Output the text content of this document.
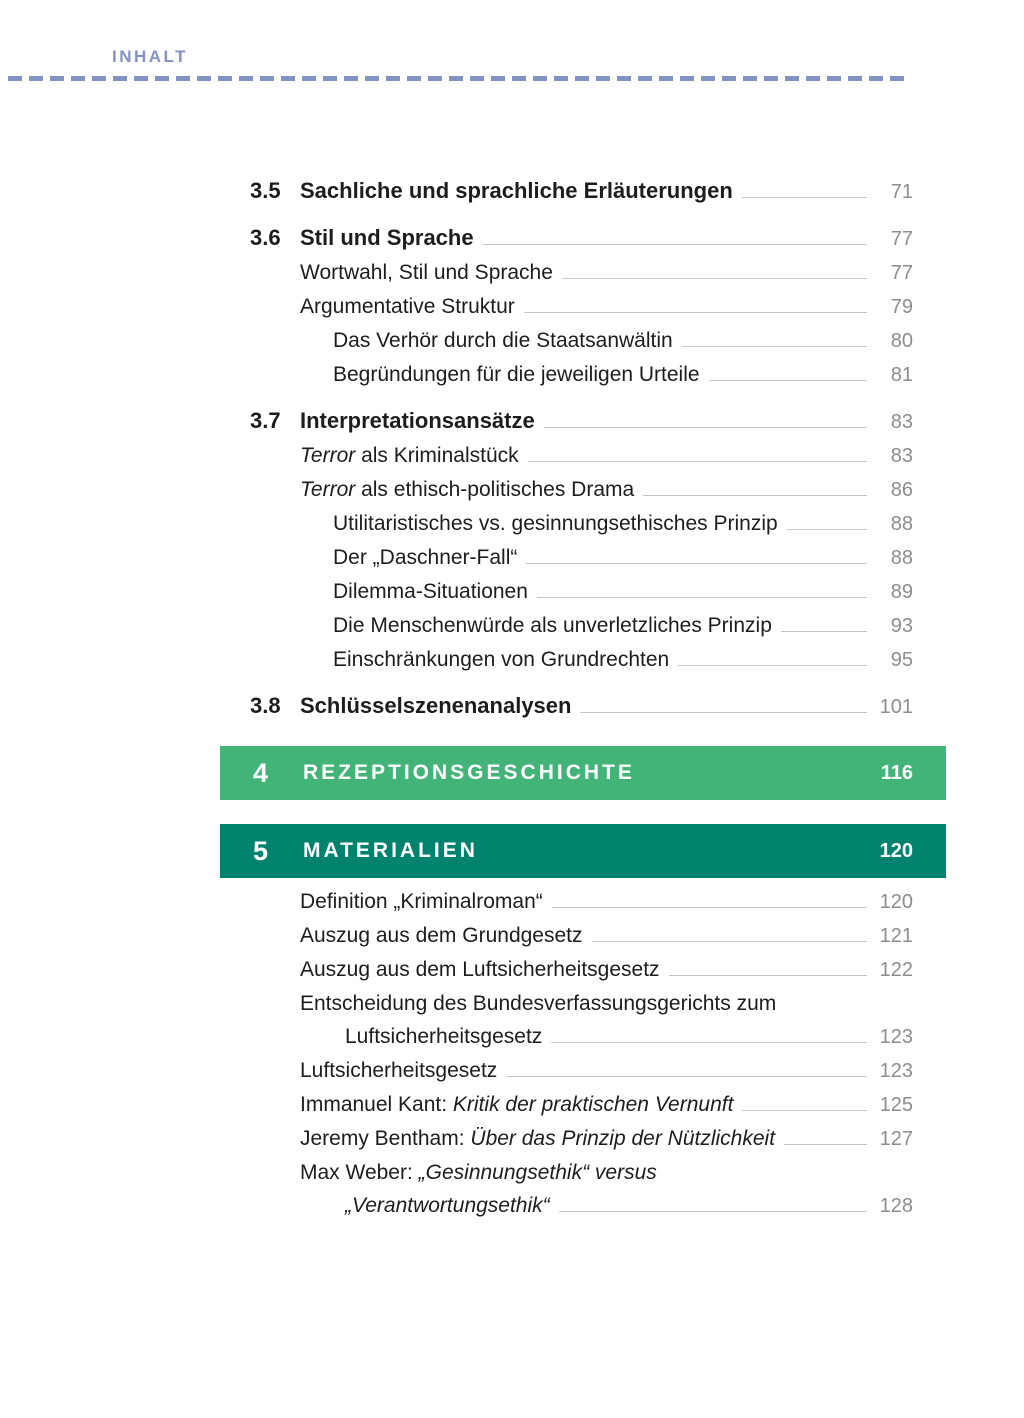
INHALT
3.5 Sachliche und sprachliche Erläuterungen	71
3.6 Stil und Sprache	77
Wortwahl, Stil und Sprache	77
Argumentative Struktur	79
Das Verhör durch die Staatsanwältin	80
Begründungen für die jeweiligen Urteile	81
3.7 Interpretationsansätze	83
Terror als Kriminalstück	83
Terror als ethisch-politisches Drama	86
Utilitaristisches vs. gesinnungsethisches Prinzip	88
Der „Daschner-Fall“	88
Dilemma-Situationen	89
Die Menschenwürde als unverletzliches Prinzip	93
Einschränkungen von Grundrechten	95
3.8 Schlüsselszenenanalysen	101
4	REZEPTIONSGESCHICHTE	116
5	MATERIALIEN	120
Definition „Kriminalroman“	120
Auszug aus dem Grundgesetz	121
Auszug aus dem Luftsicherheitsgesetz	122
Entscheidung des Bundesverfassungsgerichts zum
Luftsicherheitsgesetz	123
Luftsicherheitsgesetz	123
Immanuel Kant: Kritik der praktischen Vernunft	125
Jeremy Bentham: Über das Prinzip der Nützlichkeit	127
Max Weber: „Gesinnungsethik“ versus
„Verantwortungsethik“	128
